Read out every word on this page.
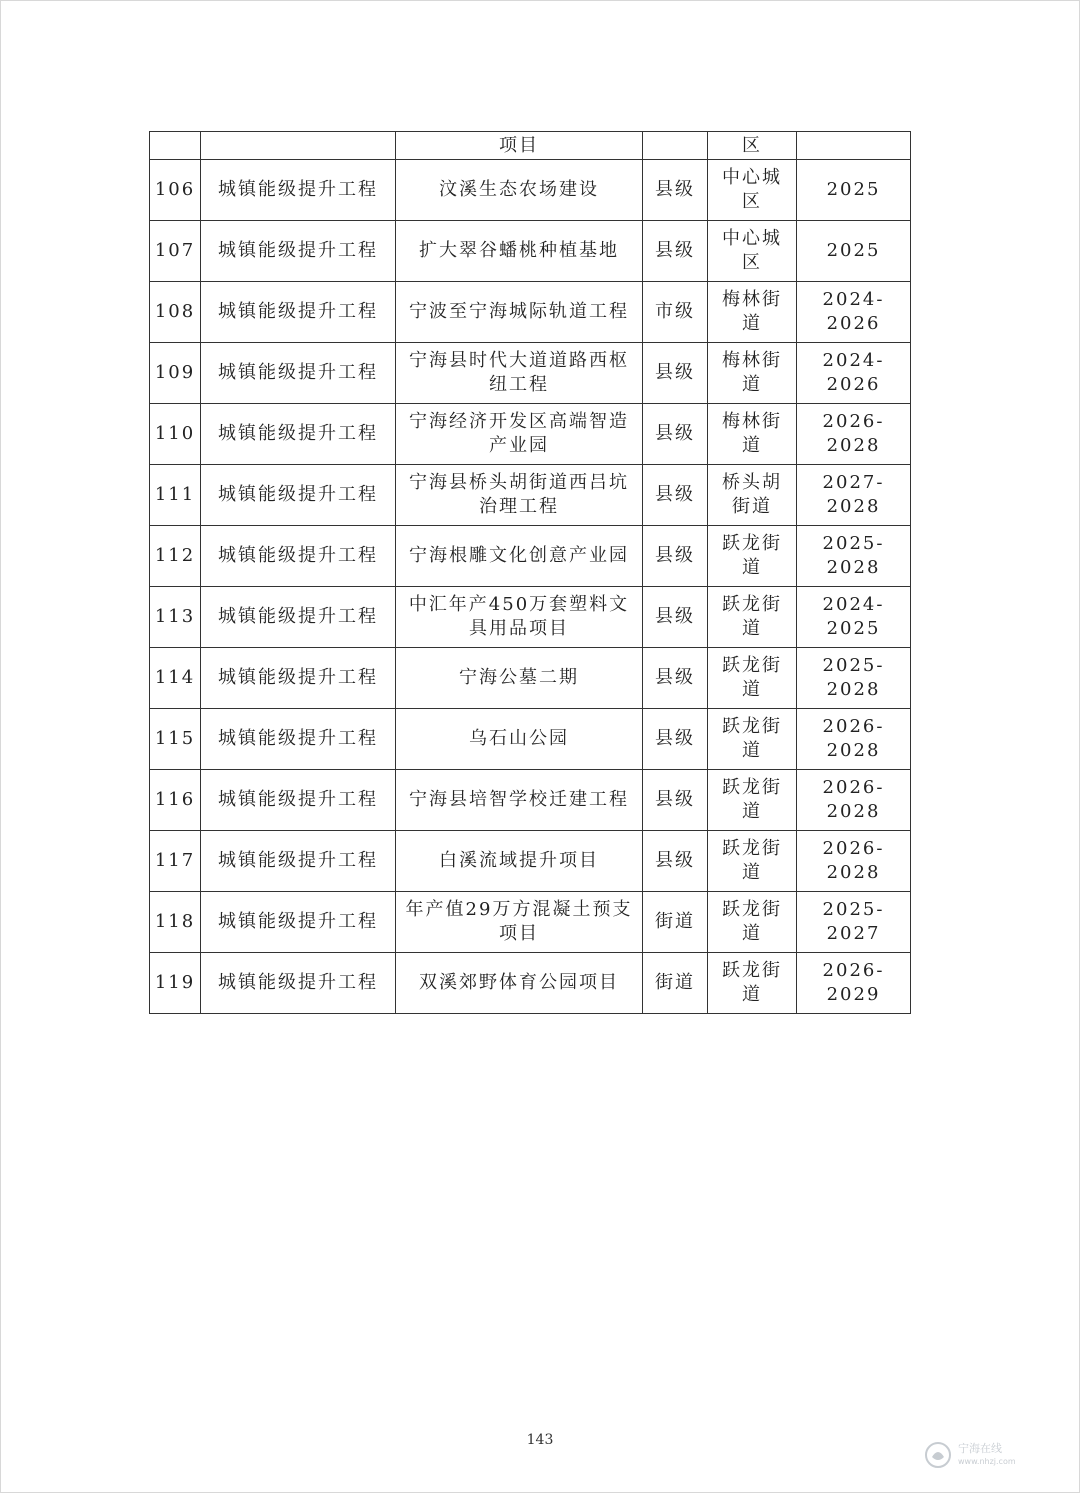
		项目		区	

106	城镇能级提升工程	汶溪生态农场建设	县级	中心城区	2025

107	城镇能级提升工程	扩大翠谷蟠桃种植基地	县级	中心城区	2025

108	城镇能级提升工程	宁波至宁海城际轨道工程	市级	梅林街道	2024-2026

109	城镇能级提升工程	宁海县时代大道道路西枢纽工程	县级	梅林街道	2024-2026

110	城镇能级提升工程	宁海经济开发区高端智造产业园	县级	梅林街道	2026-2028

111	城镇能级提升工程	宁海县桥头胡街道西吕坑治理工程	县级	桥头胡街道	2027-2028

112	城镇能级提升工程	宁海根雕文化创意产业园	县级	跃龙街道	2025-2028

113	城镇能级提升工程	中汇年产450万套塑料文具用品项目	县级	跃龙街道	2024-2025

114	城镇能级提升工程	宁海公墓二期	县级	跃龙街道	2025-2028

115	城镇能级提升工程	乌石山公园	县级	跃龙街道	2026-2028

116	城镇能级提升工程	宁海县培智学校迁建工程	县级	跃龙街道	2026-2028

117	城镇能级提升工程	白溪流域提升项目	县级	跃龙街道	2026-2028

118	城镇能级提升工程	年产值29万方混凝土预支项目	街道	跃龙街道	2025-2027

119	城镇能级提升工程	双溪郊野体育公园项目	街道	跃龙街道	2026-2029
143
宁海在线
www.nhzj.com
